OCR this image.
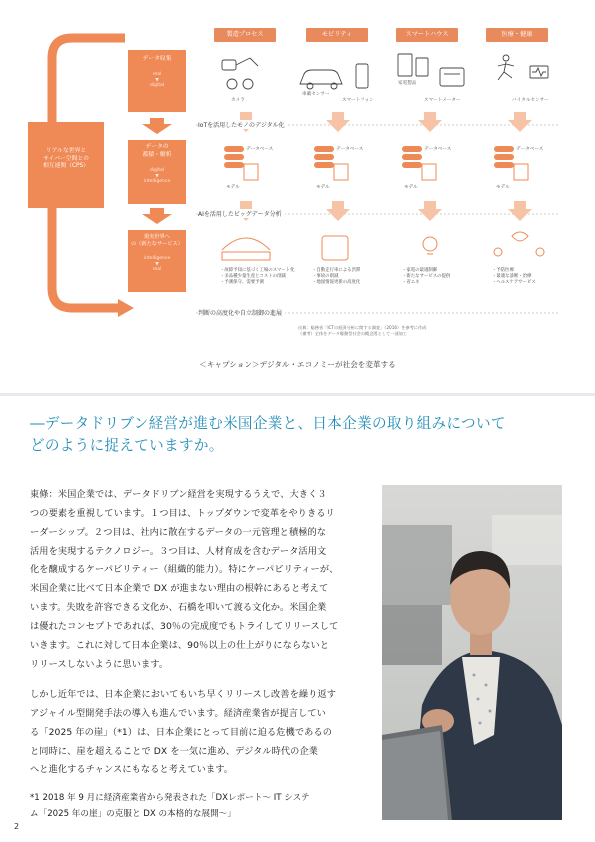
製造プロセス	モビリティ	スマートハウス	医療・健康
カメラ
車載センサー
スマートフォン
家電製品
スマートメーター	バイタルセンサー
リアルな世界と
サイバー空間との
相互連関（CPS）
データ収集
real
▼
digital
データの
蓄積・解析
digital
▼
intelligence
現実世界へ
の（新たなサービス）
intelligence
▼
real
IoTを活用したモノのデジタル化
AIを活用したビッグデータ分析
判断の高度化や自立制御の進展
データベース	データベース	データベース	データベース
モデル	モデル	モデル	モデル
・故障予知に基づく工場のスマート化
・多品種少量生産とコストの削減
・予測保守、需要予測
・自動走行車による渋滞
・事故の削減
・地図情報更新の高度化
・家電の最適制御
・新たなサービスの提供
・省エネ
・予防医療
・最適な診断・治療
・ヘルスケアサービス
出典：総務省「ICTの経済分析に関する調査」（2016）を参考に作成
（備考）全体をデータ駆動型社会の概念図として一部加工
＜キャプション＞デジタル・エコノミーが社会を変革する
―データドリブン経営が進む米国企業と、日本企業の取り組みについて
どのように捉えていますか。

東條：米国企業では、データドリブン経営を実現するうえで、大きく３

つの要素を重視しています。１つ目は、トップダウンで変革をやりきるリ

ーダーシップ。２つ目は、社内に散在するデータの一元管理と積極的な

活用を実現するテクノロジー。３つ目は、人材育成を含むデータ活用文

化を醸成するケーパビリティー（組織的能力）。特にケーパビリティーが、

米国企業に比べて日本企業で DX が進まない理由の根幹にあると考えて

います。失敗を許容できる文化か、石橋を叩いて渡る文化か。米国企業

は優れたコンセプトであれば、30％の完成度でもトライしてリリースして

いきます。これに対して日本企業は、90％以上の仕上がりにならないと

リリースしないように思います。

しかし近年では、日本企業においてもいち早くリリースし改善を繰り返す

アジャイル型開発手法の導入も進んでいます。経済産業省が提言してい

る「2025 年の崖」（*1）は、日本企業にとって目前に迫る危機であるの

と同時に、崖を超えることで DX を一気に進め、デジタル時代の企業

へと進化するチャンスにもなると考えています。

*1 2018 年 9 月に経済産業省から発表された「DXレポート～ IT システ

ム「2025 年の崖」の克服と DX の本格的な展開～」

2
